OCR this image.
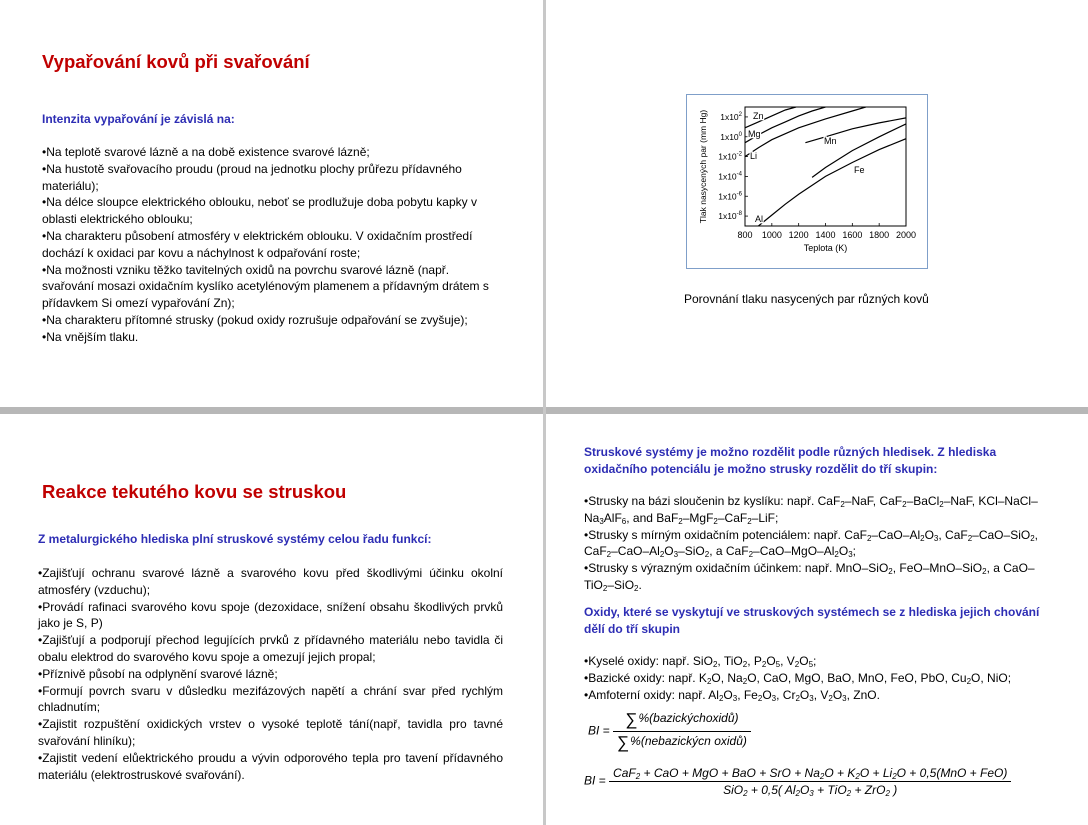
Vypařování kovů při svařování

Intenzita vypařování je závislá na:

•Na teplotě svarové lázně a na době existence svarové lázně;
•Na hustotě svařovacího proudu (proud na jednotku plochy průřezu přídavného materiálu);
•Na délce sloupce elektrického oblouku, neboť se prodlužuje doba pobytu kapky v oblasti elektrického oblouku;
•Na charakteru působení atmosféry v elektrickém oblouku. V oxidačním prostředí dochází k oxidaci par kovu a náchylnost k odpařování roste;
•Na možnosti vzniku těžko tavitelných oxidů na povrchu svarové lázně (např. svařování mosazi oxidačním kyslíko acetylénovým plamenem a přídavným drátem s přídavkem Si omezí vypařování Zn);
•Na charakteru přítomné strusky (pokud oxidy rozrušuje odpařování se zvyšuje);
•Na vnějším tlaku.
800 1000 1200 1400 1600 1800 2000
$1x10^2$
$1x10^0$
$1x10^{-2}$
$1x10^{-4}$
$1x10^{-6}$
$1x10^{-8}$
Teplota (K)
Tlak nasycených par (mm Hg)	Zn
Mg
Li
Mn
Fe
Al
Porovnání tlaku nasycených par různých kovů
Reakce tekutého kovu se struskou

Z metalurgického hlediska plní struskové systémy celou řadu funkcí:

•Zajišťují ochranu svarové lázně a svarového kovu před škodlivými účinku okolní atmosféry (vzduchu);
•Provádí rafinaci svarového kovu spoje (dezoxidace, snížení obsahu škodlivých prvků jako je S, P)
•Zajišťují a podporují přechod legujících prvků z přídavného materiálu nebo tavidla či obalu elektrod do svarového kovu spoje a omezují jejich propal;
•Příznivě působí na odplynění svarové lázně;
•Formují povrch svaru v důsledku mezifázových napětí a chrání svar před rychlým chladnutím;
•Zajistit rozpuštění oxidických vrstev o vysoké teplotě tání(např, tavidla pro tavné svařování hliníku);
•Zajistit vedení elůektrického proudu a vývin odporového tepla pro tavení přídavného materiálu (elektrostruskové svařování).

Struskové systémy je možno rozdělit podle různých hledisek. Z hlediska oxidačního potenciálu je možno strusky rozdělit do tří skupin:

•Strusky na bázi sloučenin bz kyslíku: např. CaF$_2$–NaF, CaF$_2$–BaCl$_2$–NaF, KCl–$NaCl-Na_3AlF_6$, and BaF$_2$–MgF$_2$–CaF$_2$–LiF;
•Strusky s mírným oxidačním potenciálem: např. $CaF_2-CaO-Al_2O_3$, CaF$_2$–CaO–SiO$_2$, $CaF_2-CaO-Al_2O_3-SiO_2$, a $CaF_2-CaO-MgO-Al_2O_3$;
•Strusky s výrazným oxidačním účinkem: např. MnO–SiO$_2$, FeO–MnO–SiO$_2$, a CaO–TiO$_2$–SiO$_2$.

Oxidy, které se vyskytují ve struskových systémech se z hlediska jejich chování dělí do tří skupin

•Kyselé oxidy: např. SiO$_2$, TiO$_2$, $P_2O_5$, $V_2O_5$;
•Bazické oxidy: např. $K_2O$, $Na_2O$, CaO, MgO, BaO, MnO, FeO, PbO, $Cu_2O$, NiO;
•Amfoterní oxidy: např. $Al_2O_3$, $Fe_2O_3$, $Cr_2O_3$, $V_2O_3$, ZnO.
BI = $\frac{\text{∑\%(bazickýchoxidů)}}{\text{∑\%(nebazickýcn oxidů)}}$
BI =
CaF$_2$ + CaO + MgO + BaO + SrO + $Na_2O + K_2O + Li_2O + 0,5(MnO + FeO)$
SiO$_2$ + 0,5( $Al_2O_3 + TiO_2 + ZrO_2$ )
